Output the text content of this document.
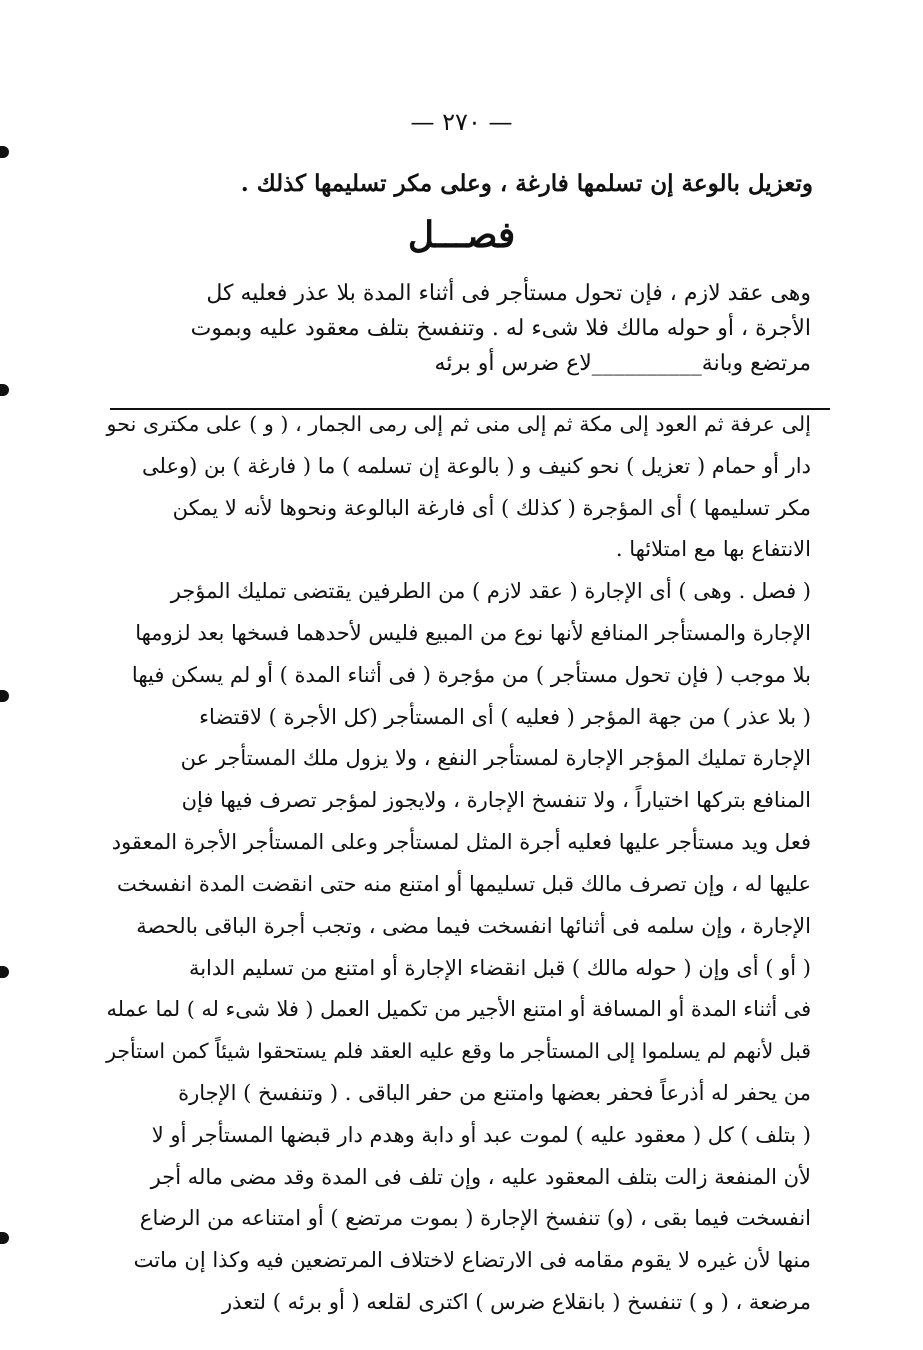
— ٢٧٠ —
وتعزيل بالوعة إن تسلمها فارغة ، وعلى مكر تسليمها كذلك .
فصـــل
وهى عقد لازم ، فإن تحول مستأجر فى أثناء المدة بلا عذر فعليه كل
الأجرة ، أو حوله مالك فلا شىء له . وتنفسخ بتلف معقود عليه وبموت
مرتضع وبانة__________لاع ضرس أو برئه
إلى عرفة ثم العود إلى مكة ثم إلى منى ثم إلى رمى الجمار ، ( و ) على مكترى نحو
دار أو حمام ( تعزيل ) نحو كنيف و ( بالوعة إن تسلمه ) ما ( فارغة ) بن (وعلى
مكر تسليمها ) أى المؤجرة ( كذلك ) أى فارغة البالوعة ونحوها لأنه لا يمكن
الانتفاع بها مع امتلائها .
( فصل . وهى ) أى الإجارة ( عقد لازم ) من الطرفين يقتضى تمليك المؤجر
الإجارة والمستأجر المنافع لأنها نوع من المبيع فليس لأحدهما فسخها بعد لزومها
بلا موجب ( فإن تحول مستأجر ) من مؤجرة ( فى أثناء المدة ) أو لم يسكن فيها
( بلا عذر ) من جهة المؤجر ( فعليه ) أى المستأجر (كل الأجرة ) لاقتضاء
الإجارة تمليك المؤجر الإجارة لمستأجر النفع ، ولا يزول ملك المستأجر عن
المنافع بتركها اختياراً ، ولا تنفسخ الإجارة ، ولايجوز لمؤجر تصرف فيها فإن
فعل ويد مستأجر عليها فعليه أجرة المثل لمستأجر وعلى المستأجر الأجرة المعقود
عليها له ، وإن تصرف مالك قبل تسليمها أو امتنع منه حتى انقضت المدة انفسخت
الإجارة ، وإن سلمه فى أثنائها انفسخت فيما مضى ، وتجب أجرة الباقى بالحصة
( أو ) أى وإن ( حوله مالك ) قبل انقضاء الإجارة أو امتنع من تسليم الدابة
فى أثناء المدة أو المسافة أو امتنع الأجير من تكميل العمل ( فلا شىء له ) لما عمله
قبل لأنهم لم يسلموا إلى المستأجر ما وقع عليه العقد فلم يستحقوا شيئاً كمن استأجر
من يحفر له أذرعاً فحفر بعضها وامتنع من حفر الباقى . ( وتنفسخ ) الإجارة
( بتلف ) كل ( معقود عليه ) لموت عبد أو دابة وهدم دار قبضها المستأجر أو لا
لأن المنفعة زالت بتلف المعقود عليه ، وإن تلف فى المدة وقد مضى ماله أجر
انفسخت فيما بقى ، (و) تنفسخ الإجارة ( بموت مرتضع ) أو امتناعه من الرضاع
منها لأن غيره لا يقوم مقامه فى الارتضاع لاختلاف المرتضعين فيه وكذا إن ماتت
مرضعة ، ( و ) تنفسخ ( بانقلاع ضرس ) اكترى لقلعه ( أو برئه ) لتعذر
